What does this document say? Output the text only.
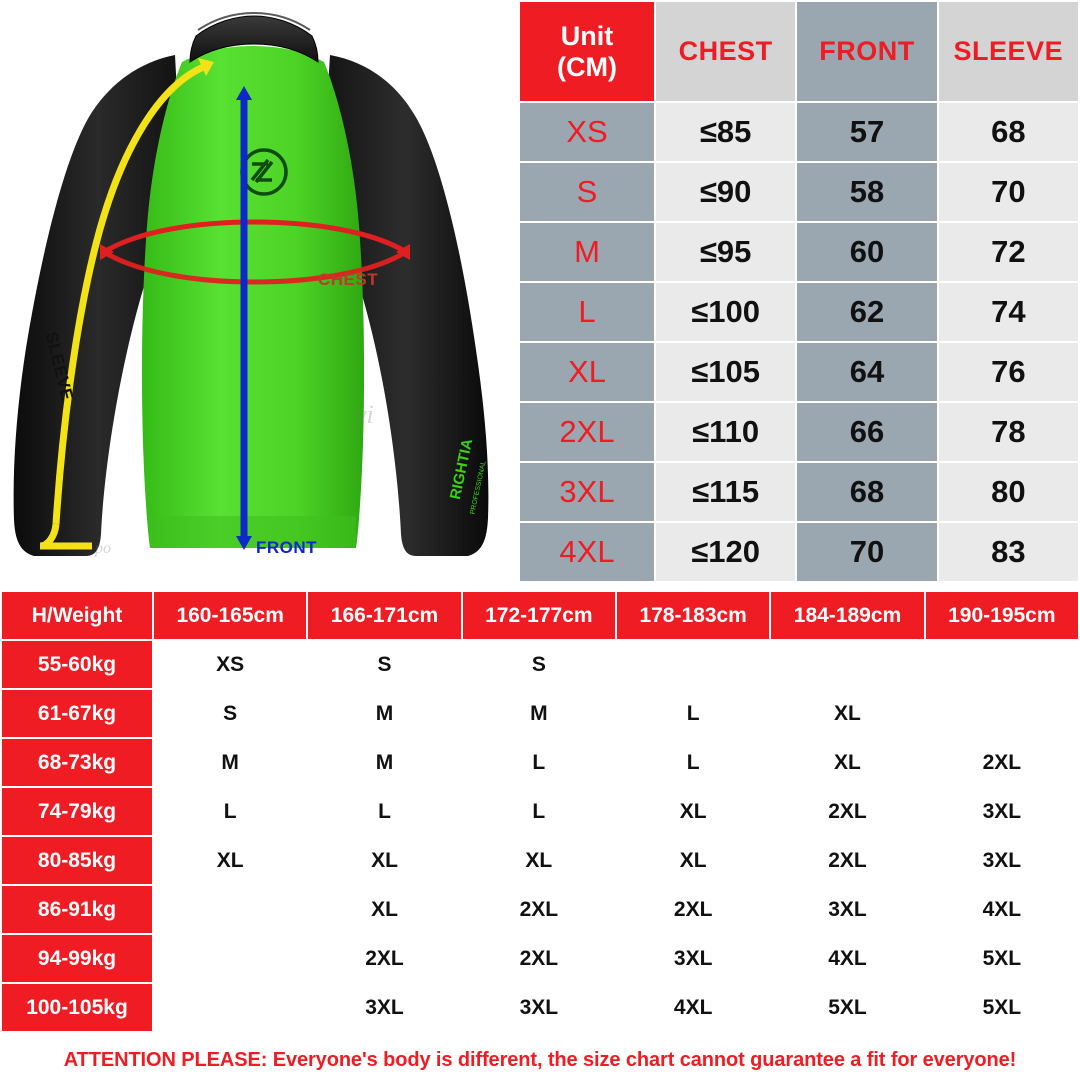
RIGHTIA
PROFESSIONAL
CHEST
FRONT
SLEEVE
yi
po
Unit
(CM)	CHEST	FRONT	SLEEVE
XS	≤85	57	68
S	≤90	58	70
M	≤95	60	72
L	≤100	62	74
XL	≤105	64	76
2XL	≤110	66	78
3XL	≤115	68	80
4XL	≤120	70	83
H/Weight	160-165cm	166-171cm	172-177cm	178-183cm	184-189cm	190-195cm
55-60kg	XS	S	S			
61-67kg	S	M	M	L	XL	
68-73kg	M	M	L	L	XL	2XL
74-79kg	L	L	L	XL	2XL	3XL
80-85kg	XL	XL	XL	XL	2XL	3XL
86-91kg		XL	2XL	2XL	3XL	4XL
94-99kg		2XL	2XL	3XL	4XL	5XL
100-105kg		3XL	3XL	4XL	5XL	5XL
ATTENTION PLEASE: Everyone's body is different, the size chart cannot guarantee a fit for everyone!
